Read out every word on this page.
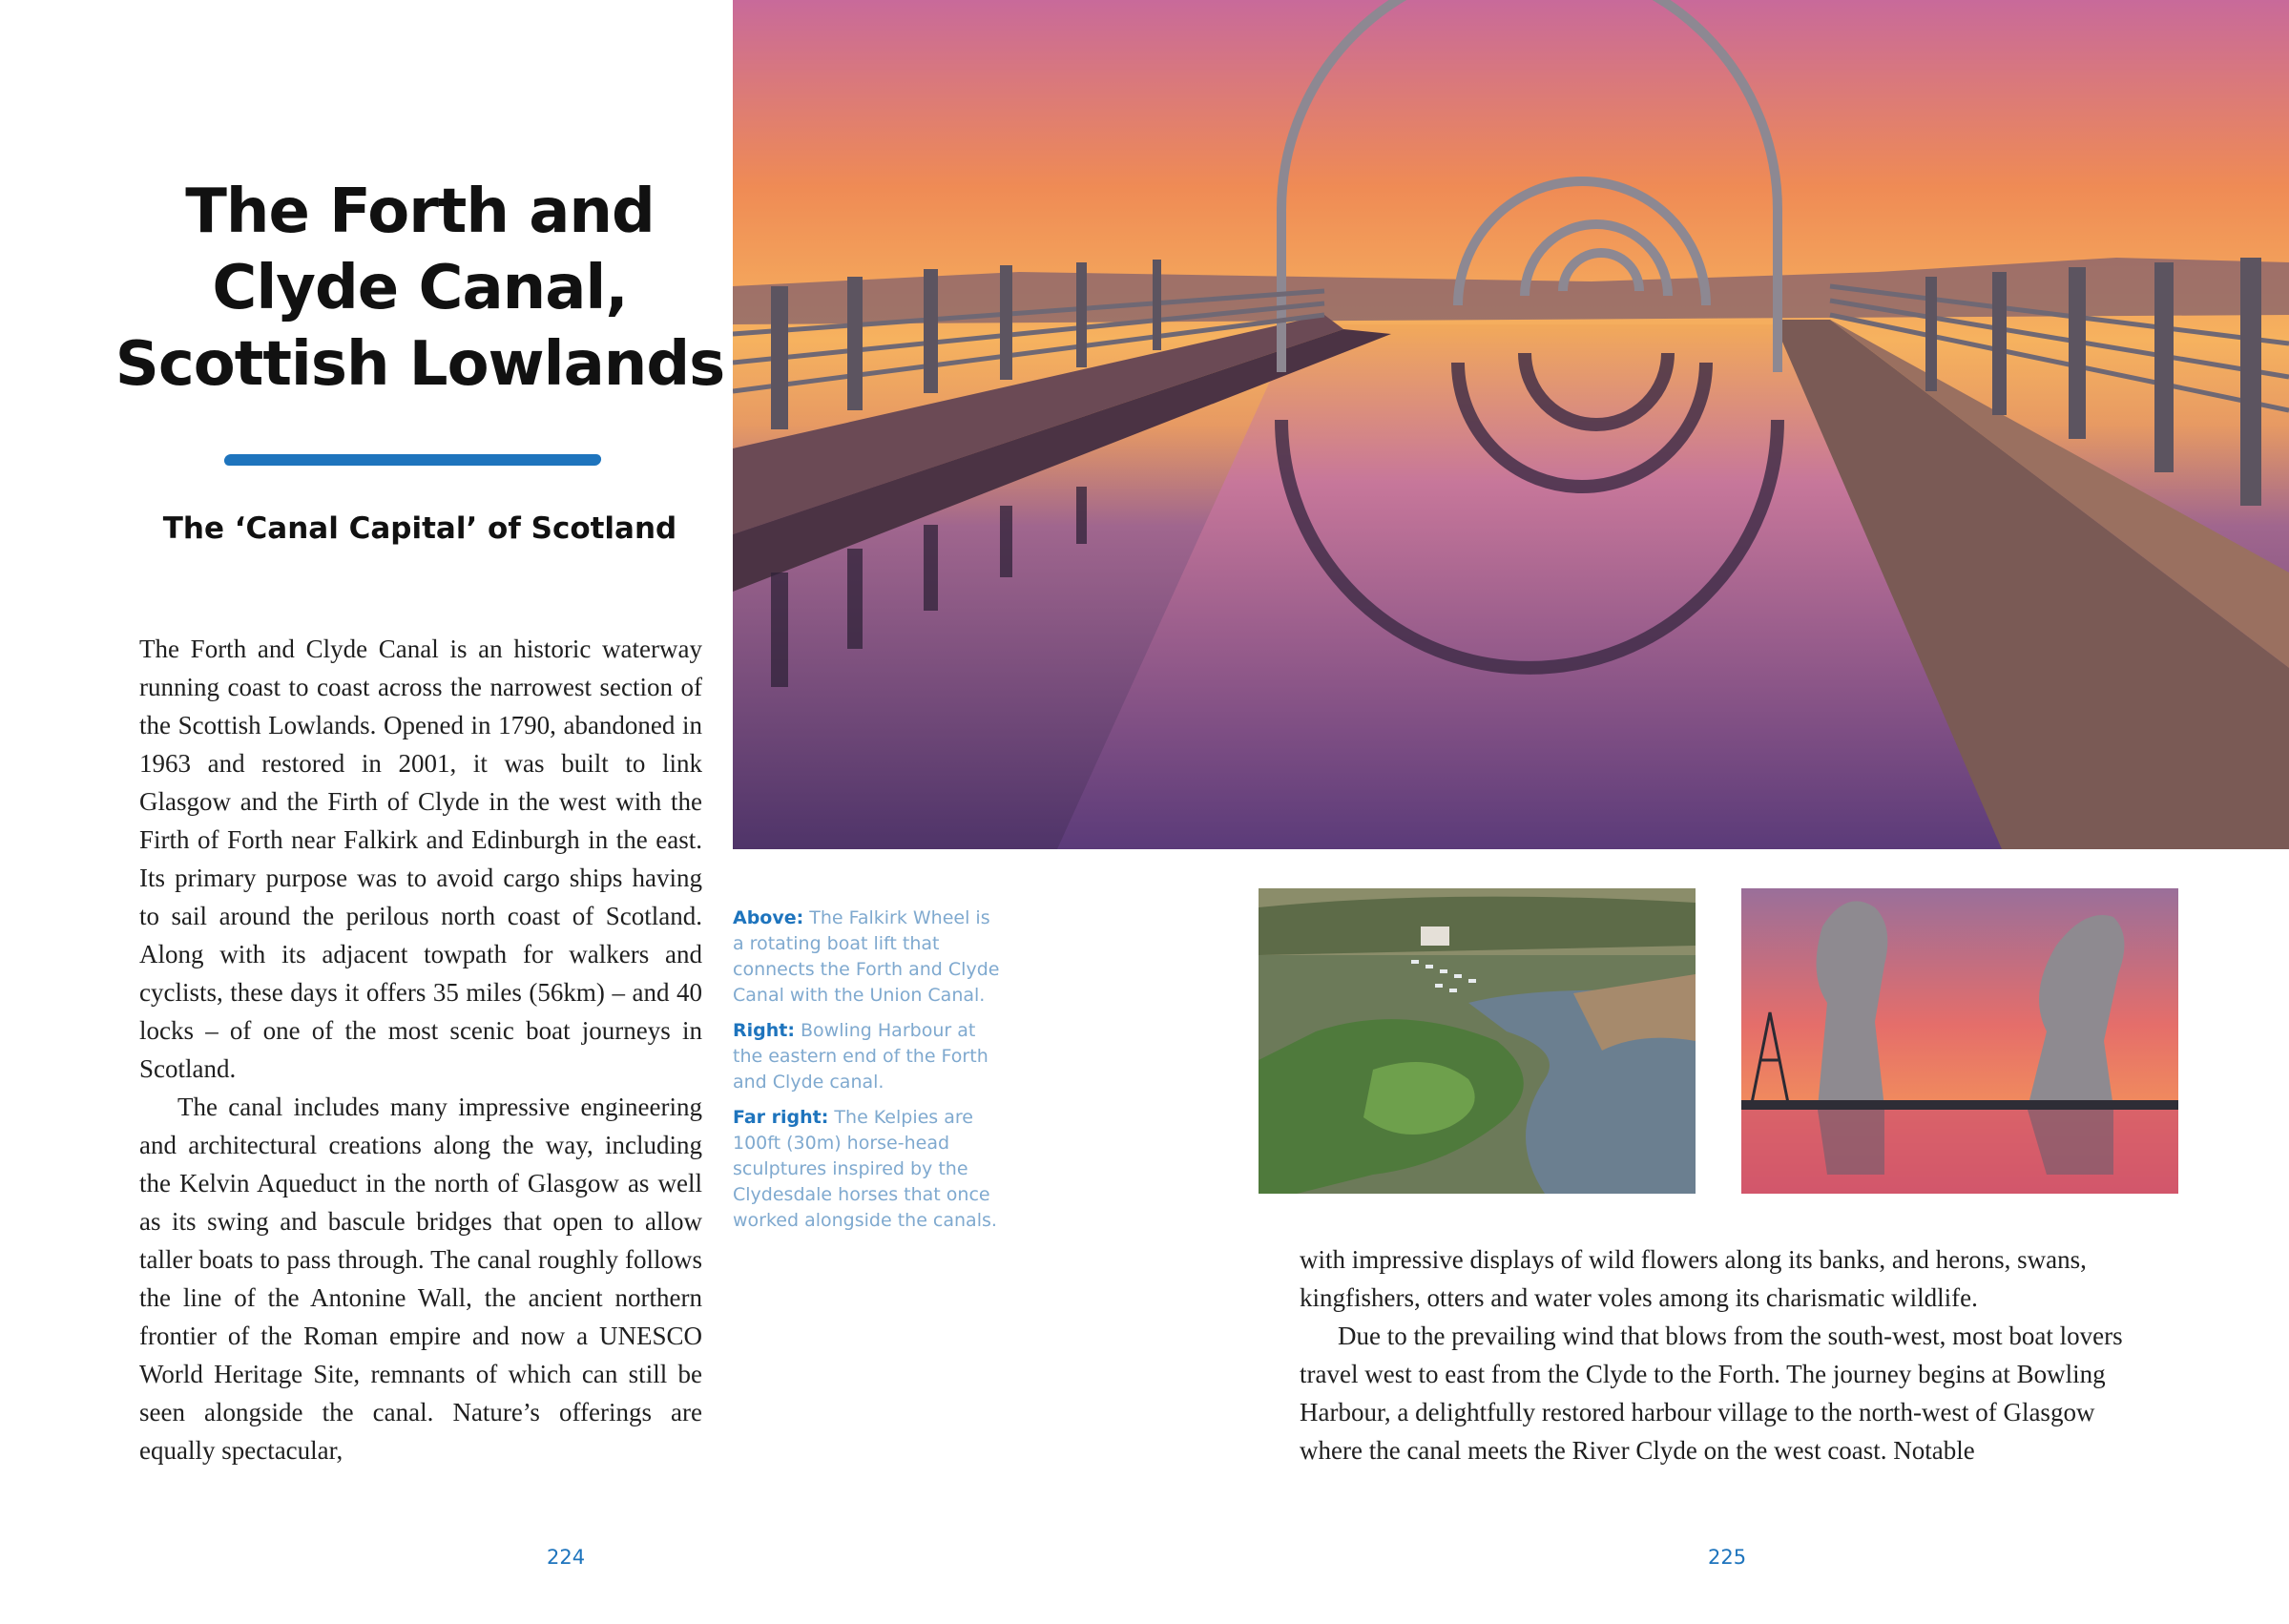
The Forth and Clyde Canal, Scottish Lowlands
The ‘Canal Capital’ of Scotland

The Forth and Clyde Canal is an historic waterway running coast to coast across the narrowest section of the Scottish Lowlands. Opened in 1790, abandoned in 1963 and restored in 2001, it was built to link Glasgow and the Firth of Clyde in the west with the Firth of Forth near Falkirk and Edinburgh in the east. Its primary purpose was to avoid cargo ships having to sail around the perilous north coast of Scotland. Along with its adjacent towpath for walkers and cyclists, these days it offers 35 miles (56km) – and 40 locks – of one of the most scenic boat journeys in Scotland.

The canal includes many impressive engineering and architectural creations along the way, including the Kelvin Aqueduct in the north of Glasgow as well as its swing and bascule bridges that open to allow taller boats to pass through. The canal roughly follows the line of the Antonine Wall, the ancient northern frontier of the Roman empire and now a UNESCO World Heritage Site, remnants of which can still be seen alongside the canal. Nature’s offerings are equally spectacular,

Above: The Falkirk Wheel is a rotating boat lift that connects the Forth and Clyde Canal with the Union Canal.

Right: Bowling Harbour at the eastern end of the Forth and Clyde canal.

Far right: The Kelpies are 100ft (30m) horse-head sculptures inspired by the Clydesdale horses that once worked alongside the canals.

with impressive displays of wild flowers along its banks, and herons, swans, kingfishers, otters and water voles among its charismatic wildlife.

Due to the prevailing wind that blows from the south-west, most boat lovers travel west to east from the Clyde to the Forth. The journey begins at Bowling Harbour, a delightfully restored harbour village to the north-west of Glasgow where the canal meets the River Clyde on the west coast. Notable

224	225
